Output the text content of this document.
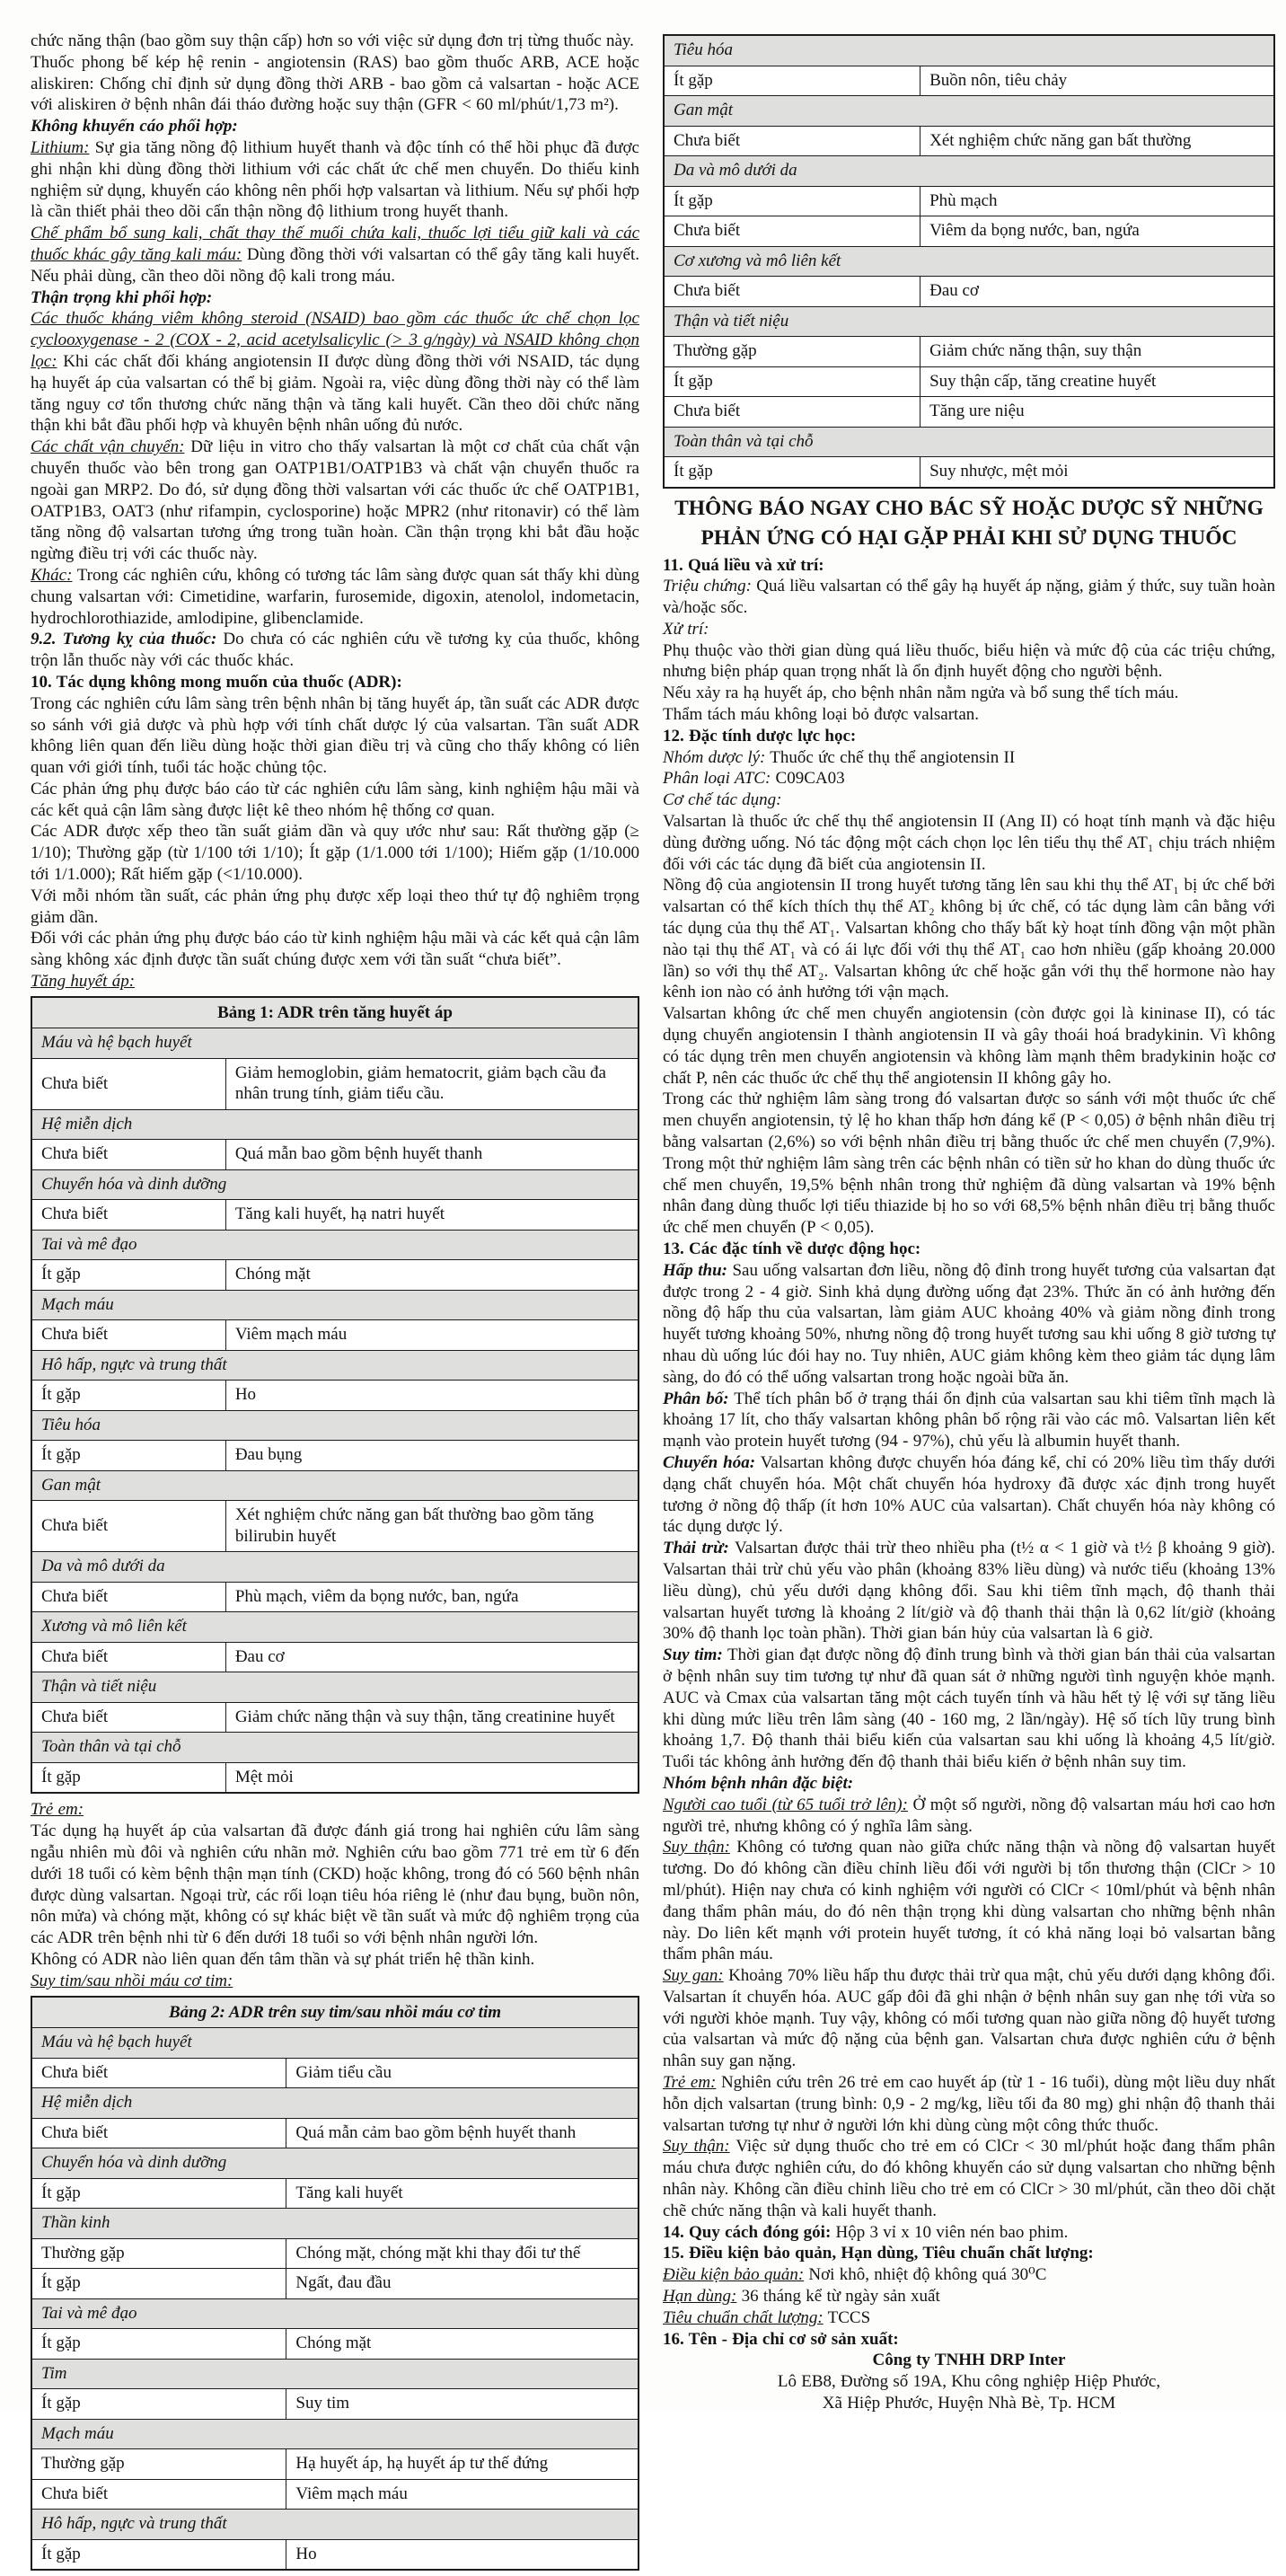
chức năng thận (bao gồm suy thận cấp) hơn so với việc sử dụng đơn trị từng thuốc này.

Thuốc phong bế kép hệ renin - angiotensin (RAS) bao gồm thuốc ARB, ACE hoặc aliskiren: Chống chỉ định sử dụng đồng thời ARB - bao gồm cả valsartan - hoặc ACE với aliskiren ở bệnh nhân đái tháo đường hoặc suy thận (GFR < 60 ml/phút/1,73 m²).

Không khuyến cáo phối hợp:

Lithium: Sự gia tăng nồng độ lithium huyết thanh và độc tính có thể hồi phục đã được ghi nhận khi dùng đồng thời lithium với các chất ức chế men chuyển. Do thiếu kinh nghiệm sử dụng, khuyến cáo không nên phối hợp valsartan và lithium. Nếu sự phối hợp là cần thiết phải theo dõi cẩn thận nồng độ lithium trong huyết thanh.

Chế phẩm bổ sung kali, chất thay thế muối chứa kali, thuốc lợi tiểu giữ kali và các thuốc khác gây tăng kali máu: Dùng đồng thời với valsartan có thể gây tăng kali huyết. Nếu phải dùng, cần theo dõi nồng độ kali trong máu.

Thận trọng khi phối hợp:

Các thuốc kháng viêm không steroid (NSAID) bao gồm các thuốc ức chế chọn lọc cyclooxygenase - 2 (COX - 2, acid acetylsalicylic (> 3 g/ngày) và NSAID không chọn lọc: Khi các chất đối kháng angiotensin II được dùng đồng thời với NSAID, tác dụng hạ huyết áp của valsartan có thể bị giảm. Ngoài ra, việc dùng đồng thời này có thể làm tăng nguy cơ tổn thương chức năng thận và tăng kali huyết. Cần theo dõi chức năng thận khi bắt đầu phối hợp và khuyên bệnh nhân uống đủ nước.

Các chất vận chuyển: Dữ liệu in vitro cho thấy valsartan là một cơ chất của chất vận chuyển thuốc vào bên trong gan OATP1B1/OATP1B3 và chất vận chuyển thuốc ra ngoài gan MRP2. Do đó, sử dụng đồng thời valsartan với các thuốc ức chế OATP1B1, OATP1B3, OAT3 (như rifampin, cyclosporine) hoặc MPR2 (như ritonavir) có thể làm tăng nồng độ valsartan tương ứng trong tuần hoàn. Cần thận trọng khi bắt đầu hoặc ngừng điều trị với các thuốc này.

Khác: Trong các nghiên cứu, không có tương tác lâm sàng được quan sát thấy khi dùng chung valsartan với: Cimetidine, warfarin, furosemide, digoxin, atenolol, indometacin, hydrochlorothiazide, amlodipine, glibenclamide.

9.2. Tương kỵ của thuốc: Do chưa có các nghiên cứu về tương kỵ của thuốc, không trộn lẫn thuốc này với các thuốc khác.

10. Tác dụng không mong muốn của thuốc (ADR):

Trong các nghiên cứu lâm sàng trên bệnh nhân bị tăng huyết áp, tần suất các ADR được so sánh với giả dược và phù hợp với tính chất dược lý của valsartan. Tần suất ADR không liên quan đến liều dùng hoặc thời gian điều trị và cũng cho thấy không có liên quan với giới tính, tuổi tác hoặc chủng tộc.

Các phản ứng phụ được báo cáo từ các nghiên cứu lâm sàng, kinh nghiệm hậu mãi và các kết quả cận lâm sàng được liệt kê theo nhóm hệ thống cơ quan.

Các ADR được xếp theo tần suất giảm dần và quy ước như sau: Rất thường gặp (≥ 1/10); Thường gặp (từ 1/100 tới 1/10); Ít gặp (1/1.000 tới 1/100); Hiếm gặp (1/10.000 tới 1/1.000); Rất hiếm gặp (<1/10.000).

Với mỗi nhóm tần suất, các phản ứng phụ được xếp loại theo thứ tự độ nghiêm trọng giảm dần.

Đối với các phản ứng phụ được báo cáo từ kinh nghiệm hậu mãi và các kết quả cận lâm sàng không xác định được tần suất chúng được xem với tần suất “chưa biết”.

Tăng huyết áp:

Bảng 1: ADR trên tăng huyết áp	
Máu và hệ bạch huyết	
Chưa biết	Giảm hemoglobin, giảm hematocrit, giảm bạch cầu đa nhân trung tính, giảm tiểu cầu.
Hệ miễn dịch	
Chưa biết	Quá mẫn bao gồm bệnh huyết thanh
Chuyển hóa và dinh dưỡng	
Chưa biết	Tăng kali huyết, hạ natri huyết
Tai và mê đạo	
Ít gặp	Chóng mặt
Mạch máu	
Chưa biết	Viêm mạch máu
Hô hấp, ngực và trung thất	
Ít gặp	Ho
Tiêu hóa	
Ít gặp	Đau bụng
Gan mật	
Chưa biết	Xét nghiệm chức năng gan bất thường bao gồm tăng bilirubin huyết
Da và mô dưới da	
Chưa biết	Phù mạch, viêm da bọng nước, ban, ngứa
Xương và mô liên kết	
Chưa biết	Đau cơ
Thận và tiết niệu	
Chưa biết	Giảm chức năng thận và suy thận, tăng creatinine huyết
Toàn thân và tại chỗ	
Ít gặp	Mệt mỏi

Trẻ em:

Tác dụng hạ huyết áp của valsartan đã được đánh giá trong hai nghiên cứu lâm sàng ngẫu nhiên mù đôi và nghiên cứu nhãn mở. Nghiên cứu bao gồm 771 trẻ em từ 6 đến dưới 18 tuổi có kèm bệnh thận mạn tính (CKD) hoặc không, trong đó có 560 bệnh nhân được dùng valsartan. Ngoại trừ, các rối loạn tiêu hóa riêng lẻ (như đau bụng, buồn nôn, nôn mửa) và chóng mặt, không có sự khác biệt về tần suất và mức độ nghiêm trọng của các ADR trên bệnh nhi từ 6 đến dưới 18 tuổi so với bệnh nhân người lớn.

Không có ADR nào liên quan đến tâm thần và sự phát triển hệ thần kinh.

Suy tim/sau nhồi máu cơ tim:

Bảng 2: ADR trên suy tim/sau nhồi máu cơ tim	
Máu và hệ bạch huyết	
Chưa biết	Giảm tiểu cầu
Hệ miễn dịch	
Chưa biết	Quá mẫn cảm bao gồm bệnh huyết thanh
Chuyển hóa và dinh dưỡng	
Ít gặp	Tăng kali huyết
Thần kinh	
Thường gặp	Chóng mặt, chóng mặt khi thay đổi tư thế
Ít gặp	Ngất, đau đầu
Tai và mê đạo	
Ít gặp	Chóng mặt
Tim	
Ít gặp	Suy tim
Mạch máu	
Thường gặp	Hạ huyết áp, hạ huyết áp tư thế đứng
Chưa biết	Viêm mạch máu
Hô hấp, ngực và trung thất	
Ít gặp	Ho
Tiêu hóa	
Ít gặp	Buồn nôn, tiêu chảy
Gan mật	
Chưa biết	Xét nghiệm chức năng gan bất thường
Da và mô dưới da	
Ít gặp	Phù mạch
Chưa biết	Viêm da bọng nước, ban, ngứa
Cơ xương và mô liên kết	
Chưa biết	Đau cơ
Thận và tiết niệu	
Thường gặp	Giảm chức năng thận, suy thận
Ít gặp	Suy thận cấp, tăng creatine huyết
Chưa biết	Tăng ure niệu
Toàn thân và tại chỗ	
Ít gặp	Suy nhược, mệt mỏi

THÔNG BÁO NGAY CHO BÁC SỸ HOẶC DƯỢC SỸ NHỮNG PHẢN ỨNG CÓ HẠI GẶP PHẢI KHI SỬ DỤNG THUỐC

11. Quá liều và xử trí:

Triệu chứng: Quá liều valsartan có thể gây hạ huyết áp nặng, giảm ý thức, suy tuần hoàn và/hoặc sốc.

Xử trí:

Phụ thuộc vào thời gian dùng quá liều thuốc, biểu hiện và mức độ của các triệu chứng, nhưng biện pháp quan trọng nhất là ổn định huyết động cho người bệnh.

Nếu xảy ra hạ huyết áp, cho bệnh nhân nằm ngửa và bổ sung thể tích máu.

Thẩm tách máu không loại bỏ được valsartan.

12. Đặc tính dược lực học:

Nhóm dược lý: Thuốc ức chế thụ thể angiotensin II

Phân loại ATC: C09CA03

Cơ chế tác dụng:

Valsartan là thuốc ức chế thụ thể angiotensin II (Ang II) có hoạt tính mạnh và đặc hiệu dùng đường uống. Nó tác động một cách chọn lọc lên tiểu thụ thể AT₁ chịu trách nhiệm đối với các tác dụng đã biết của angiotensin II.

Nồng độ của angiotensin II trong huyết tương tăng lên sau khi thụ thể AT₁ bị ức chế bởi valsartan có thể kích thích thụ thể AT₂ không bị ức chế, có tác dụng làm cân bằng với tác dụng của thụ thể AT₁. Valsartan không cho thấy bất kỳ hoạt tính đồng vận một phần nào tại thụ thể AT₁ và có ái lực đối với thụ thể AT₁ cao hơn nhiều (gấp khoảng 20.000 lần) so với thụ thể AT₂. Valsartan không ức chế hoặc gắn với thụ thể hormone nào hay kênh ion nào có ảnh hưởng tới vận mạch.

Valsartan không ức chế men chuyển angiotensin (còn được gọi là kininase II), có tác dụng chuyển angiotensin I thành angiotensin II và gây thoái hoá bradykinin. Vì không có tác dụng trên men chuyển angiotensin và không làm mạnh thêm bradykinin hoặc cơ chất P, nên các thuốc ức chế thụ thể angiotensin II không gây ho.

Trong các thử nghiệm lâm sàng trong đó valsartan được so sánh với một thuốc ức chế men chuyển angiotensin, tỷ lệ ho khan thấp hơn đáng kể (P < 0,05) ở bệnh nhân điều trị bằng valsartan (2,6%) so với bệnh nhân điều trị bằng thuốc ức chế men chuyển (7,9%). Trong một thử nghiệm lâm sàng trên các bệnh nhân có tiền sử ho khan do dùng thuốc ức chế men chuyển, 19,5% bệnh nhân trong thử nghiệm đã dùng valsartan và 19% bệnh nhân đang dùng thuốc lợi tiểu thiazide bị ho so với 68,5% bệnh nhân điều trị bằng thuốc ức chế men chuyển (P < 0,05).

13. Các đặc tính về dược động học:

Hấp thu: Sau uống valsartan đơn liều, nồng độ đỉnh trong huyết tương của valsartan đạt được trong 2 - 4 giờ. Sinh khả dụng đường uống đạt 23%. Thức ăn có ảnh hưởng đến nồng độ hấp thu của valsartan, làm giảm AUC khoảng 40% và giảm nồng đỉnh trong huyết tương khoảng 50%, nhưng nồng độ trong huyết tương sau khi uống 8 giờ tương tự nhau dù uống lúc đói hay no. Tuy nhiên, AUC giảm không kèm theo giảm tác dụng lâm sàng, do đó có thể uống valsartan trong hoặc ngoài bữa ăn.

Phân bố: Thể tích phân bố ở trạng thái ổn định của valsartan sau khi tiêm tĩnh mạch là khoảng 17 lít, cho thấy valsartan không phân bố rộng rãi vào các mô. Valsartan liên kết mạnh vào protein huyết tương (94 - 97%), chủ yếu là albumin huyết thanh.

Chuyển hóa: Valsartan không được chuyển hóa đáng kể, chỉ có 20% liều tìm thấy dưới dạng chất chuyển hóa. Một chất chuyển hóa hydroxy đã được xác định trong huyết tương ở nồng độ thấp (ít hơn 10% AUC của valsartan). Chất chuyển hóa này không có tác dụng dược lý.

Thải trừ: Valsartan được thải trừ theo nhiều pha (t½ α < 1 giờ và t½ β khoảng 9 giờ). Valsartan thải trừ chủ yếu vào phân (khoảng 83% liều dùng) và nước tiểu (khoảng 13% liều dùng), chủ yếu dưới dạng không đổi. Sau khi tiêm tĩnh mạch, độ thanh thải valsartan huyết tương là khoảng 2 lít/giờ và độ thanh thải thận là 0,62 lít/giờ (khoảng 30% độ thanh lọc toàn phần). Thời gian bán hủy của valsartan là 6 giờ.

Suy tim: Thời gian đạt được nồng độ đỉnh trung bình và thời gian bán thải của valsartan ở bệnh nhân suy tim tương tự như đã quan sát ở những người tình nguyện khỏe mạnh. AUC và Cmax của valsartan tăng một cách tuyến tính và hầu hết tỷ lệ với sự tăng liều khi dùng mức liều trên lâm sàng (40 - 160 mg, 2 lần/ngày). Hệ số tích lũy trung bình khoảng 1,7. Độ thanh thải biểu kiến của valsartan sau khi uống là khoảng 4,5 lít/giờ. Tuổi tác không ảnh hưởng đến độ thanh thải biểu kiến ở bệnh nhân suy tim.

Nhóm bệnh nhân đặc biệt:

Người cao tuổi (từ 65 tuổi trở lên): Ở một số người, nồng độ valsartan máu hơi cao hơn người trẻ, nhưng không có ý nghĩa lâm sàng.

Suy thận: Không có tương quan nào giữa chức năng thận và nồng độ valsartan huyết tương. Do đó không cần điều chỉnh liều đối với người bị tổn thương thận (ClCr > 10 ml/phút). Hiện nay chưa có kinh nghiệm với người có ClCr < 10ml/phút và bệnh nhân đang thẩm phân máu, do đó nên thận trọng khi dùng valsartan cho những bệnh nhân này. Do liên kết mạnh với protein huyết tương, ít có khả năng loại bỏ valsartan bằng thẩm phân máu.

Suy gan: Khoảng 70% liều hấp thu được thải trừ qua mật, chủ yếu dưới dạng không đổi. Valsartan ít chuyển hóa. AUC gấp đôi đã ghi nhận ở bệnh nhân suy gan nhẹ tới vừa so với người khỏe mạnh. Tuy vậy, không có mối tương quan nào giữa nồng độ huyết tương của valsartan và mức độ nặng của bệnh gan. Valsartan chưa được nghiên cứu ở bệnh nhân suy gan nặng.

Trẻ em: Nghiên cứu trên 26 trẻ em cao huyết áp (từ 1 - 16 tuổi), dùng một liều duy nhất hỗn dịch valsartan (trung bình: 0,9 - 2 mg/kg, liều tối đa 80 mg) ghi nhận độ thanh thải valsartan tương tự như ở người lớn khi dùng cùng một công thức thuốc.

Suy thận: Việc sử dụng thuốc cho trẻ em có ClCr < 30 ml/phút hoặc đang thẩm phân máu chưa được nghiên cứu, do đó không khuyến cáo sử dụng valsartan cho những bệnh nhân này. Không cần điều chỉnh liều cho trẻ em có ClCr > 30 ml/phút, cần theo dõi chặt chẽ chức năng thận và kali huyết thanh.

14. Quy cách đóng gói: Hộp 3 vỉ x 10 viên nén bao phim.

15. Điều kiện bảo quản, Hạn dùng, Tiêu chuẩn chất lượng:

Điều kiện bảo quản: Nơi khô, nhiệt độ không quá 30⁰C

Hạn dùng: 36 tháng kể từ ngày sản xuất

Tiêu chuẩn chất lượng: TCCS

16. Tên - Địa chỉ cơ sở sản xuất:

Công ty TNHH DRP Inter

Lô EB8, Đường số 19A, Khu công nghiệp Hiệp Phước,

Xã Hiệp Phước, Huyện Nhà Bè, Tp. HCM
